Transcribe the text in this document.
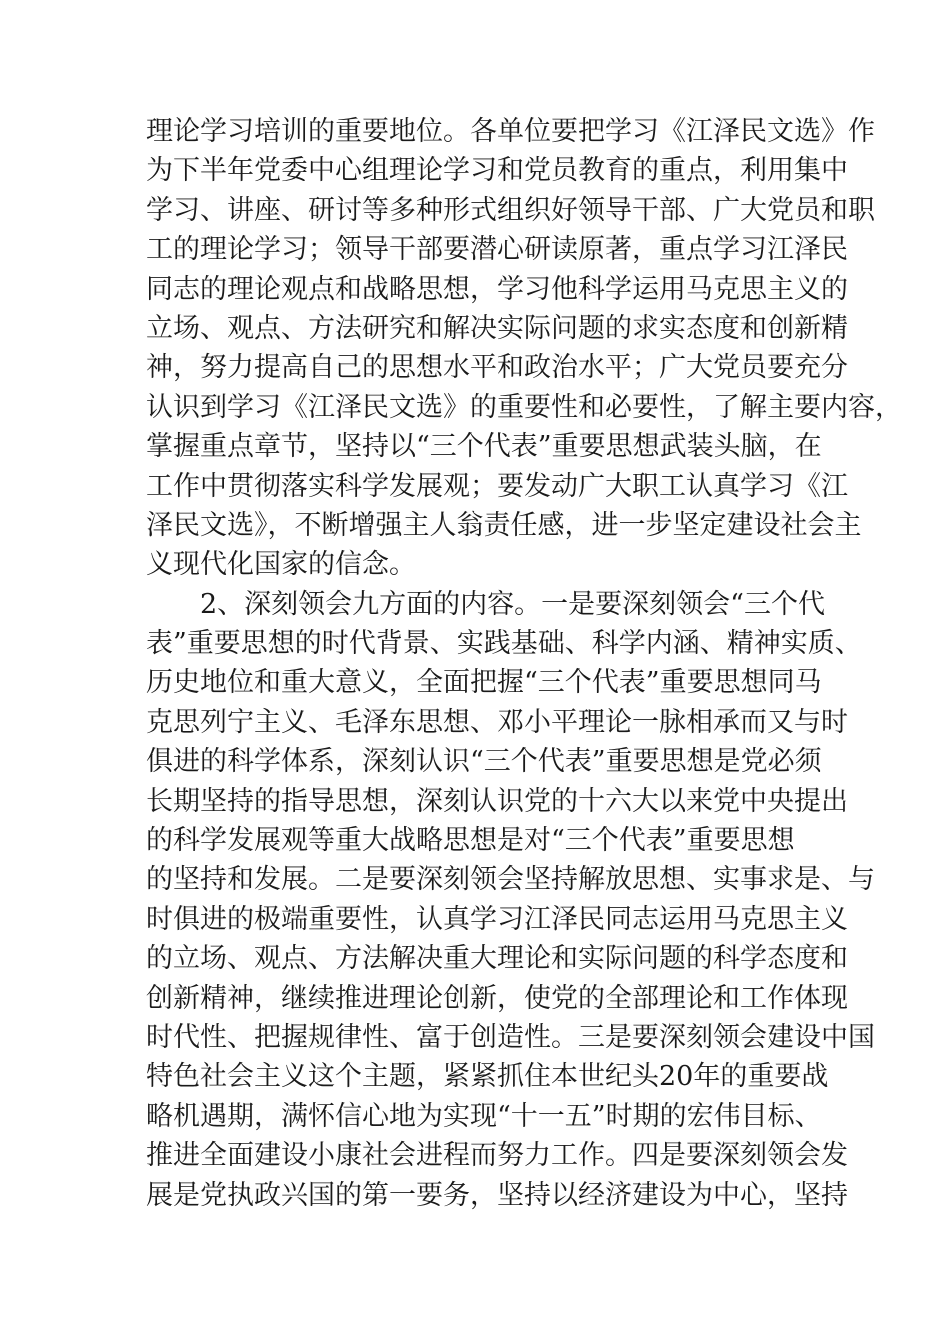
理论学习培训的重要地位。各单位要把学习《江泽民文选》作
为下半年党委中心组理论学习和党员教育的重点，利用集中
学习、讲座、研讨等多种形式组织好领导干部、广大党员和职
工的理论学习；领导干部要潜心研读原著，重点学习江泽民
同志的理论观点和战略思想，学习他科学运用马克思主义的
立场、观点、方法研究和解决实际问题的求实态度和创新精
神，努力提高自己的思想水平和政治水平；广大党员要充分
认识到学习《江泽民文选》的重要性和必要性，了解主要内容，
掌握重点章节，坚持以“三个代表”重要思想武装头脑，在
工作中贯彻落实科学发展观；要发动广大职工认真学习《江
泽民文选》，不断增强主人翁责任感，进一步坚定建设社会主
义现代化国家的信念。
　　2、深刻领会九方面的内容。一是要深刻领会“三个代
表”重要思想的时代背景、实践基础、科学内涵、精神实质、
历史地位和重大意义，全面把握“三个代表”重要思想同马
克思列宁主义、毛泽东思想、邓小平理论一脉相承而又与时
俱进的科学体系，深刻认识“三个代表”重要思想是党必须
长期坚持的指导思想，深刻认识党的十六大以来党中央提出
的科学发展观等重大战略思想是对“三个代表”重要思想
的坚持和发展。二是要深刻领会坚持解放思想、实事求是、与
时俱进的极端重要性，认真学习江泽民同志运用马克思主义
的立场、观点、方法解决重大理论和实际问题的科学态度和
创新精神，继续推进理论创新，使党的全部理论和工作体现
时代性、把握规律性、富于创造性。三是要深刻领会建设中国
特色社会主义这个主题，紧紧抓住本世纪头20年的重要战
略机遇期，满怀信心地为实现“十一五”时期的宏伟目标、
推进全面建设小康社会进程而努力工作。四是要深刻领会发
展是党执政兴国的第一要务，坚持以经济建设为中心，坚持
